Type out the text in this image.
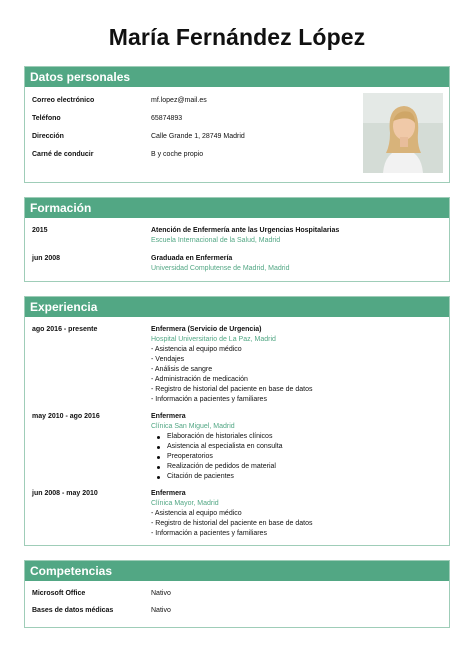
María Fernández López
Datos personales
Correo electrónico	mf.lopez@mail.es
Teléfono	65874893
Dirección	Calle Grande 1, 28749 Madrid
Carné de conducir	B y coche propio
Formación
2015	Atención de Enfermería ante las Urgencias Hospitalarias
Escuela Internacional de la Salud, Madrid
jun 2008	Graduada en Enfermería
Universidad Complutense de Madrid, Madrid
Experiencia
ago 2016 - presente	Enfermera (Servicio de Urgencia)
Hospital Universitario de La Paz, Madrid
- Asistencia al equipo médico
- Vendajes
- Análisis de sangre
- Administración de medicación
- Registro de historial del paciente en base de datos
- Información a pacientes y familiares
may 2010 - ago 2016	Enfermera
Clínica San Miguel, Madrid
Elaboración de historiales clínicos
Asistencia al especialista en consulta
Preoperatorios
Realización de pedidos de material
Citación de pacientes
jun 2008 - may 2010	Enfermera
Clínica Mayor, Madrid
- Asistencia al equipo médico
- Registro de historial del paciente en base de datos
- Información a pacientes y familiares
Competencias
Microsoft Office	Nativo
Bases de datos médicas	Nativo
